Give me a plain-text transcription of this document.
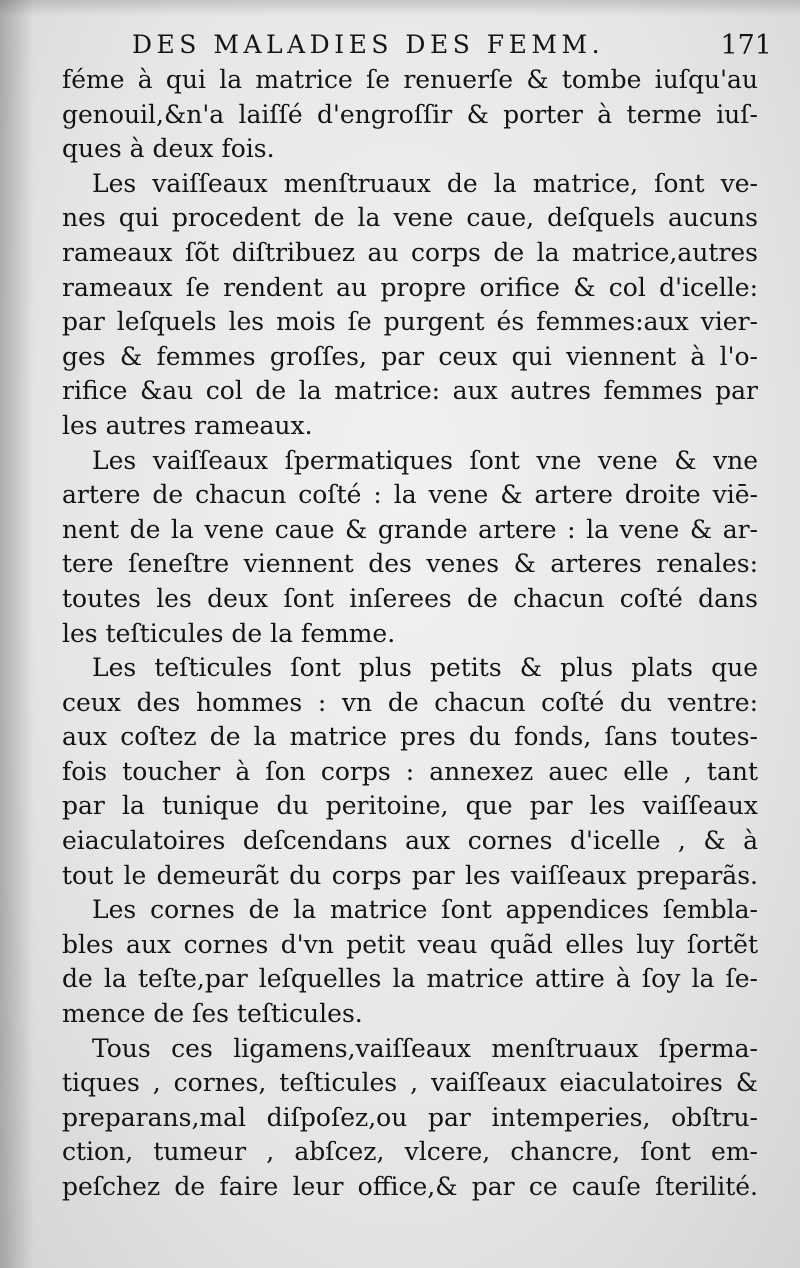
DES MALADIES DES FEMM.	171
féme à qui la matrice ſe renuerſe & tombe iuſqu'au
genouil,&n'a laiſſé d'engroſſir & porter à terme iuſ-
ques à deux fois.
Les vaiſſeaux menſtruaux de la matrice, ſont ve-
nes qui procedent de la vene caue, deſquels aucuns
rameaux ſõt diſtribuez au corps de la matrice,autres
rameaux ſe rendent au propre orifice & col d'icelle:
par leſquels les mois ſe purgent és femmes:aux vier-
ges & femmes groſſes, par ceux qui viennent à l'o-
rifice &au col de la matrice: aux autres femmes par
les autres rameaux.
Les vaiſſeaux ſpermatiques ſont vne vene & vne
artere de chacun coſté : la vene & artere droite viē-
nent de la vene caue & grande artere : la vene & ar-
tere ſeneſtre viennent des venes & arteres renales:
toutes les deux ſont inſerees de chacun coſté dans
les teſticules de la femme.
Les teſticules ſont plus petits & plus plats que
ceux des hommes : vn de chacun coſté du ventre:
aux coſtez de la matrice pres du fonds, ſans toutes-
fois toucher à ſon corps : annexez auec elle , tant
par la tunique du peritoine, que par les vaiſſeaux
eiaculatoires deſcendans aux cornes d'icelle , & à
tout le demeurãt du corps par les vaiſſeaux preparãs.
Les cornes de la matrice ſont appendices ſembla-
bles aux cornes d'vn petit veau quãd elles luy ſortẽt
de la teſte,par leſquelles la matrice attire à ſoy la ſe-
mence de ſes teſticules.
Tous ces ligamens,vaiſſeaux menſtruaux ſperma-
tiques , cornes, teſticules , vaiſſeaux eiaculatoires &
preparans,mal diſpoſez,ou par intemperies, obſtru-
ction, tumeur , abſcez, vlcere, chancre, ſont em-
peſchez de faire leur office,& par ce cauſe ſterilité.
